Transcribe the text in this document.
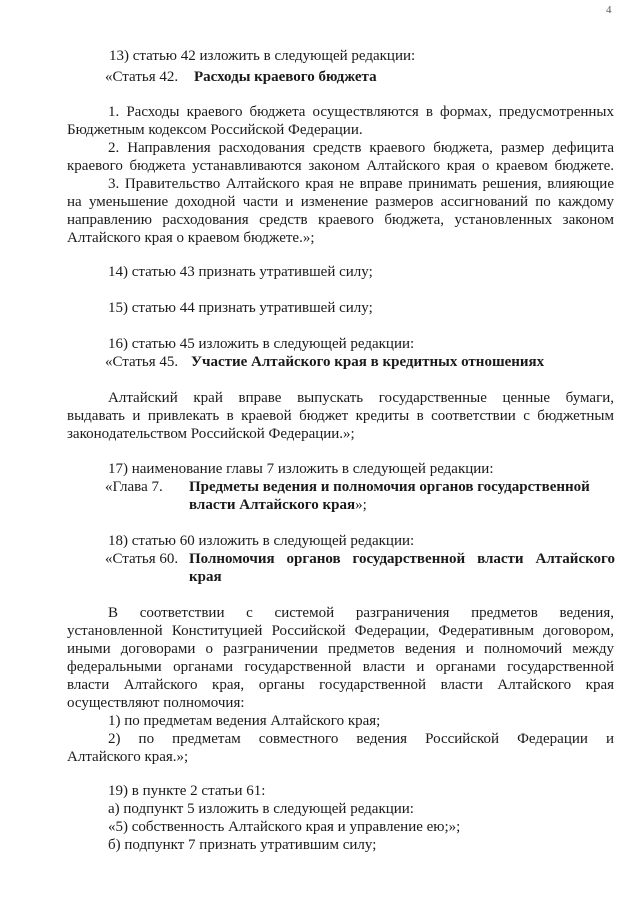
4
13) статью 42 изложить в следующей редакции:
«Статья 42. Расходы краевого бюджета
1. Расходы краевого бюджета осуществляются в формах, предусмотренных
Бюджетным кодексом Российской Федерации.
2. Направления расходования средств краевого бюджета, размер дефицита
краевого бюджета устанавливаются законом Алтайского края о краевом бюджете.
3. Правительство Алтайского края не вправе принимать решения, влияющие
на уменьшение доходной части и изменение размеров ассигнований по каждому
направлению расходования средств краевого бюджета, установленных законом
Алтайского края о краевом бюджете.»;
14) статью 43 признать утратившей силу;
15) статью 44 признать утратившей силу;
16) статью 45 изложить в следующей редакции:
«Статья 45. Участие Алтайского края в кредитных отношениях
Алтайский край вправе выпускать государственные ценные бумаги,
выдавать и привлекать в краевой бюджет кредиты в соответствии с бюджетным
законодательством Российской Федерации.»;
17) наименование главы 7 изложить в следующей редакции:
«Глава 7. Предметы ведения и полномочия органов государственной власти Алтайского края»;
18) статью 60 изложить в следующей редакции:
«Статья 60. Полномочия органов государственной власти Алтайского края
В соответствии с системой разграничения предметов ведения,
установленной Конституцией Российской Федерации, Федеративным договором,
иными договорами о разграничении предметов ведения и полномочий между
федеральными органами государственной власти и органами государственной
власти Алтайского края, органы государственной власти Алтайского края
осуществляют полномочия:
1) по предметам ведения Алтайского края;
2) по предметам совместного ведения Российской Федерации и
Алтайского края.»;
19) в пункте 2 статьи 61:
а) подпункт 5 изложить в следующей редакции:
«5) собственность Алтайского края и управление ею;»;
б) подпункт 7 признать утратившим силу;
